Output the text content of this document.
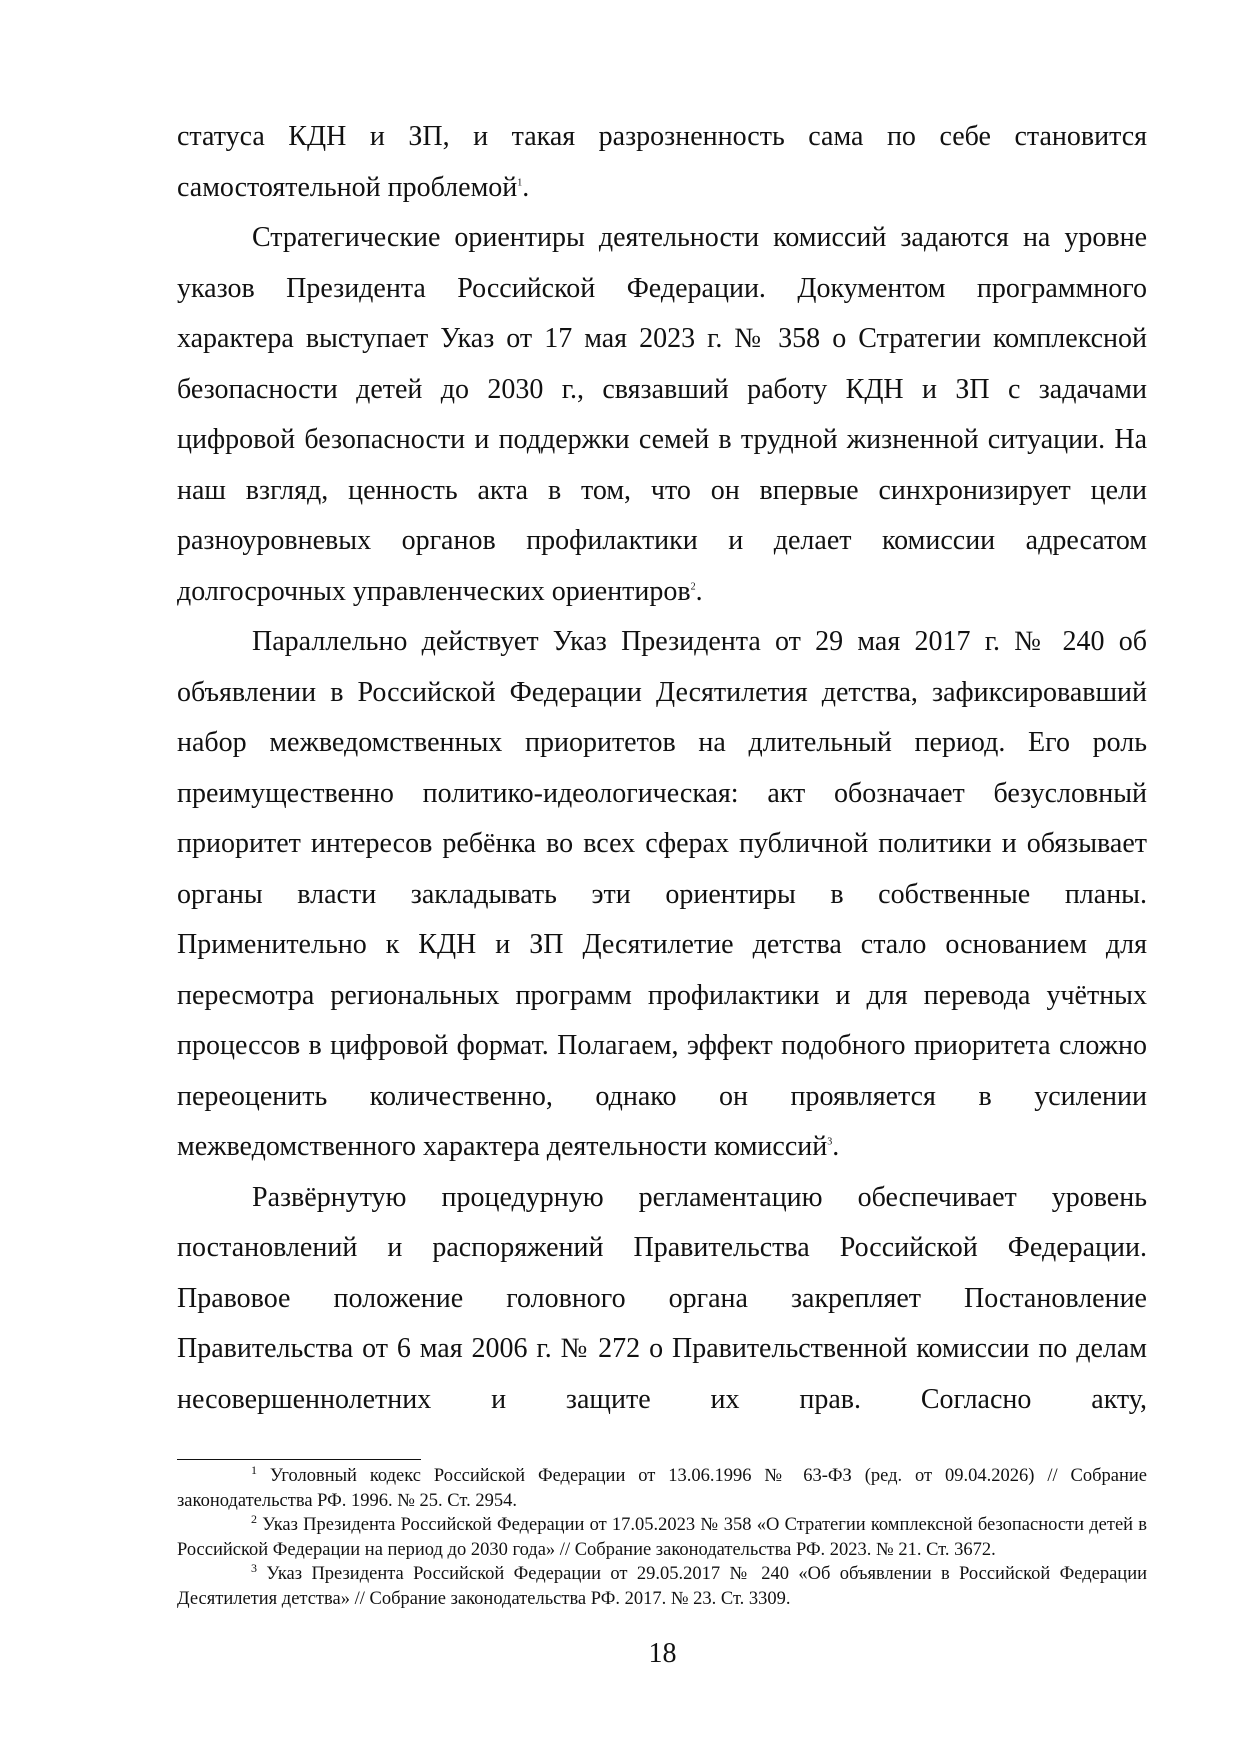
статуса КДН и ЗП, и такая разрозненность сама по себе становится самостоятельной проблемой$^1$.

Стратегические ориентиры деятельности комиссий задаются на уровне указов Президента Российской Федерации. Документом программного характера выступает Указ от 17 мая 2023 г. № 358 о Стратегии комплексной безопасности детей до 2030 г., связавший работу КДН и ЗП с задачами цифровой безопасности и поддержки семей в трудной жизненной ситуации. На наш взгляд, ценность акта в том, что он впервые синхронизирует цели разноуровневых органов профилактики и делает комиссии адресатом долгосрочных управленческих ориентиров$^2$.

Параллельно действует Указ Президента от 29 мая 2017 г. № 240 об объявлении в Российской Федерации Десятилетия детства, зафиксировавший набор межведомственных приоритетов на длительный период. Его роль преимущественно политико-идеологическая: акт обозначает безусловный приоритет интересов ребёнка во всех сферах публичной политики и обязывает органы власти закладывать эти ориентиры в собственные планы. Применительно к КДН и ЗП Десятилетие детства стало основанием для пересмотра региональных программ профилактики и для перевода учётных процессов в цифровой формат. Полагаем, эффект подобного приоритета сложно переоценить количественно, однако он проявляется в усилении межведомственного характера деятельности комиссий$^3$.

Развёрнутую процедурную регламентацию обеспечивает уровень постановлений и распоряжений Правительства Российской Федерации. Правовое положение головного органа закрепляет Постановление Правительства от 6 мая 2006 г. № 272 о Правительственной комиссии по делам несовершеннолетних и защите их прав. Согласно акту,

$^1$ Уголовный кодекс Российской Федерации от 13.06.1996 № 63-ФЗ (ред. от 09.04.2026) // Собрание законодательства РФ. 1996. № 25. Ст. 2954.

$^2$ Указ Президента Российской Федерации от 17.05.2023 № 358 «О Стратегии комплексной безопасности детей в Российской Федерации на период до 2030 года» // Собрание законодательства РФ. 2023. № 21. Ст. 3672.

$^3$ Указ Президента Российской Федерации от 29.05.2017 № 240 «Об объявлении в Российской Федерации Десятилетия детства» // Собрание законодательства РФ. 2017. № 23. Ст. 3309.

18
